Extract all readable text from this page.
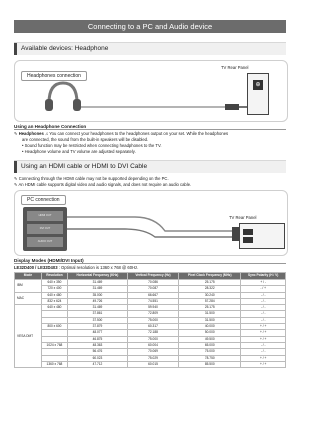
Connecting to a PC and Audio device
Available devices: Headphone
Headphones connection
TV Rear Panel
⊕
Using an Headphone Connection
✎ Headphones ♫ You can connect your headphones to the headphones output on your set. While the headphones
are connected, the sound from the built-in speakers will be disabled.
• Sound function may be restricted when connecting headphones to the TV.
• Headphone volume and TV volume are adjusted separately.
Using an HDMI cable or HDMI to DVI Cable
✎ Connecting through the HDMI cable may not be supported depending on the PC.
✎ An HDMI cable supports digital video and audio signals, and does not require an audio cable.
PC connection
HDMI OUT
DVI OUT
AUDIO OUT
TV Rear Panel
Display Modes (HDMI/DVI Input)
LE32D400 / LE32D403 : Optimal resolution is 1360 x 768 @ 60Hz.
Mode	Resolution	Horizontal Frequency (KHz)	Vertical Frequency (Hz)	Pixel Clock Frequency (MHz)	Sync Polarity (H / V)
IBM	640 x 350	31.469	70.086	25.175	+ / -
	720 x 400	31.469	70.087	28.322	- / +
MAC	640 x 480	35.000	66.667	30.240	- / -
	832 x 624	49.726	74.551	57.284	- / -
VESA DMT	640 x 480	31.469	59.940	25.175	- / -
		37.861	72.809	31.500	- / -
		37.500	75.000	31.500	- / -
	800 x 600	37.879	60.317	40.000	+ / +
		48.077	72.188	50.000	+ / +
		46.875	75.000	49.500	+ / +
	1024 x 768	48.363	60.004	65.000	- / -
		56.476	70.069	75.000	- / -
		60.023	75.029	78.750	+ / +
	1360 x 768	47.712	60.015	85.500	+ / +
